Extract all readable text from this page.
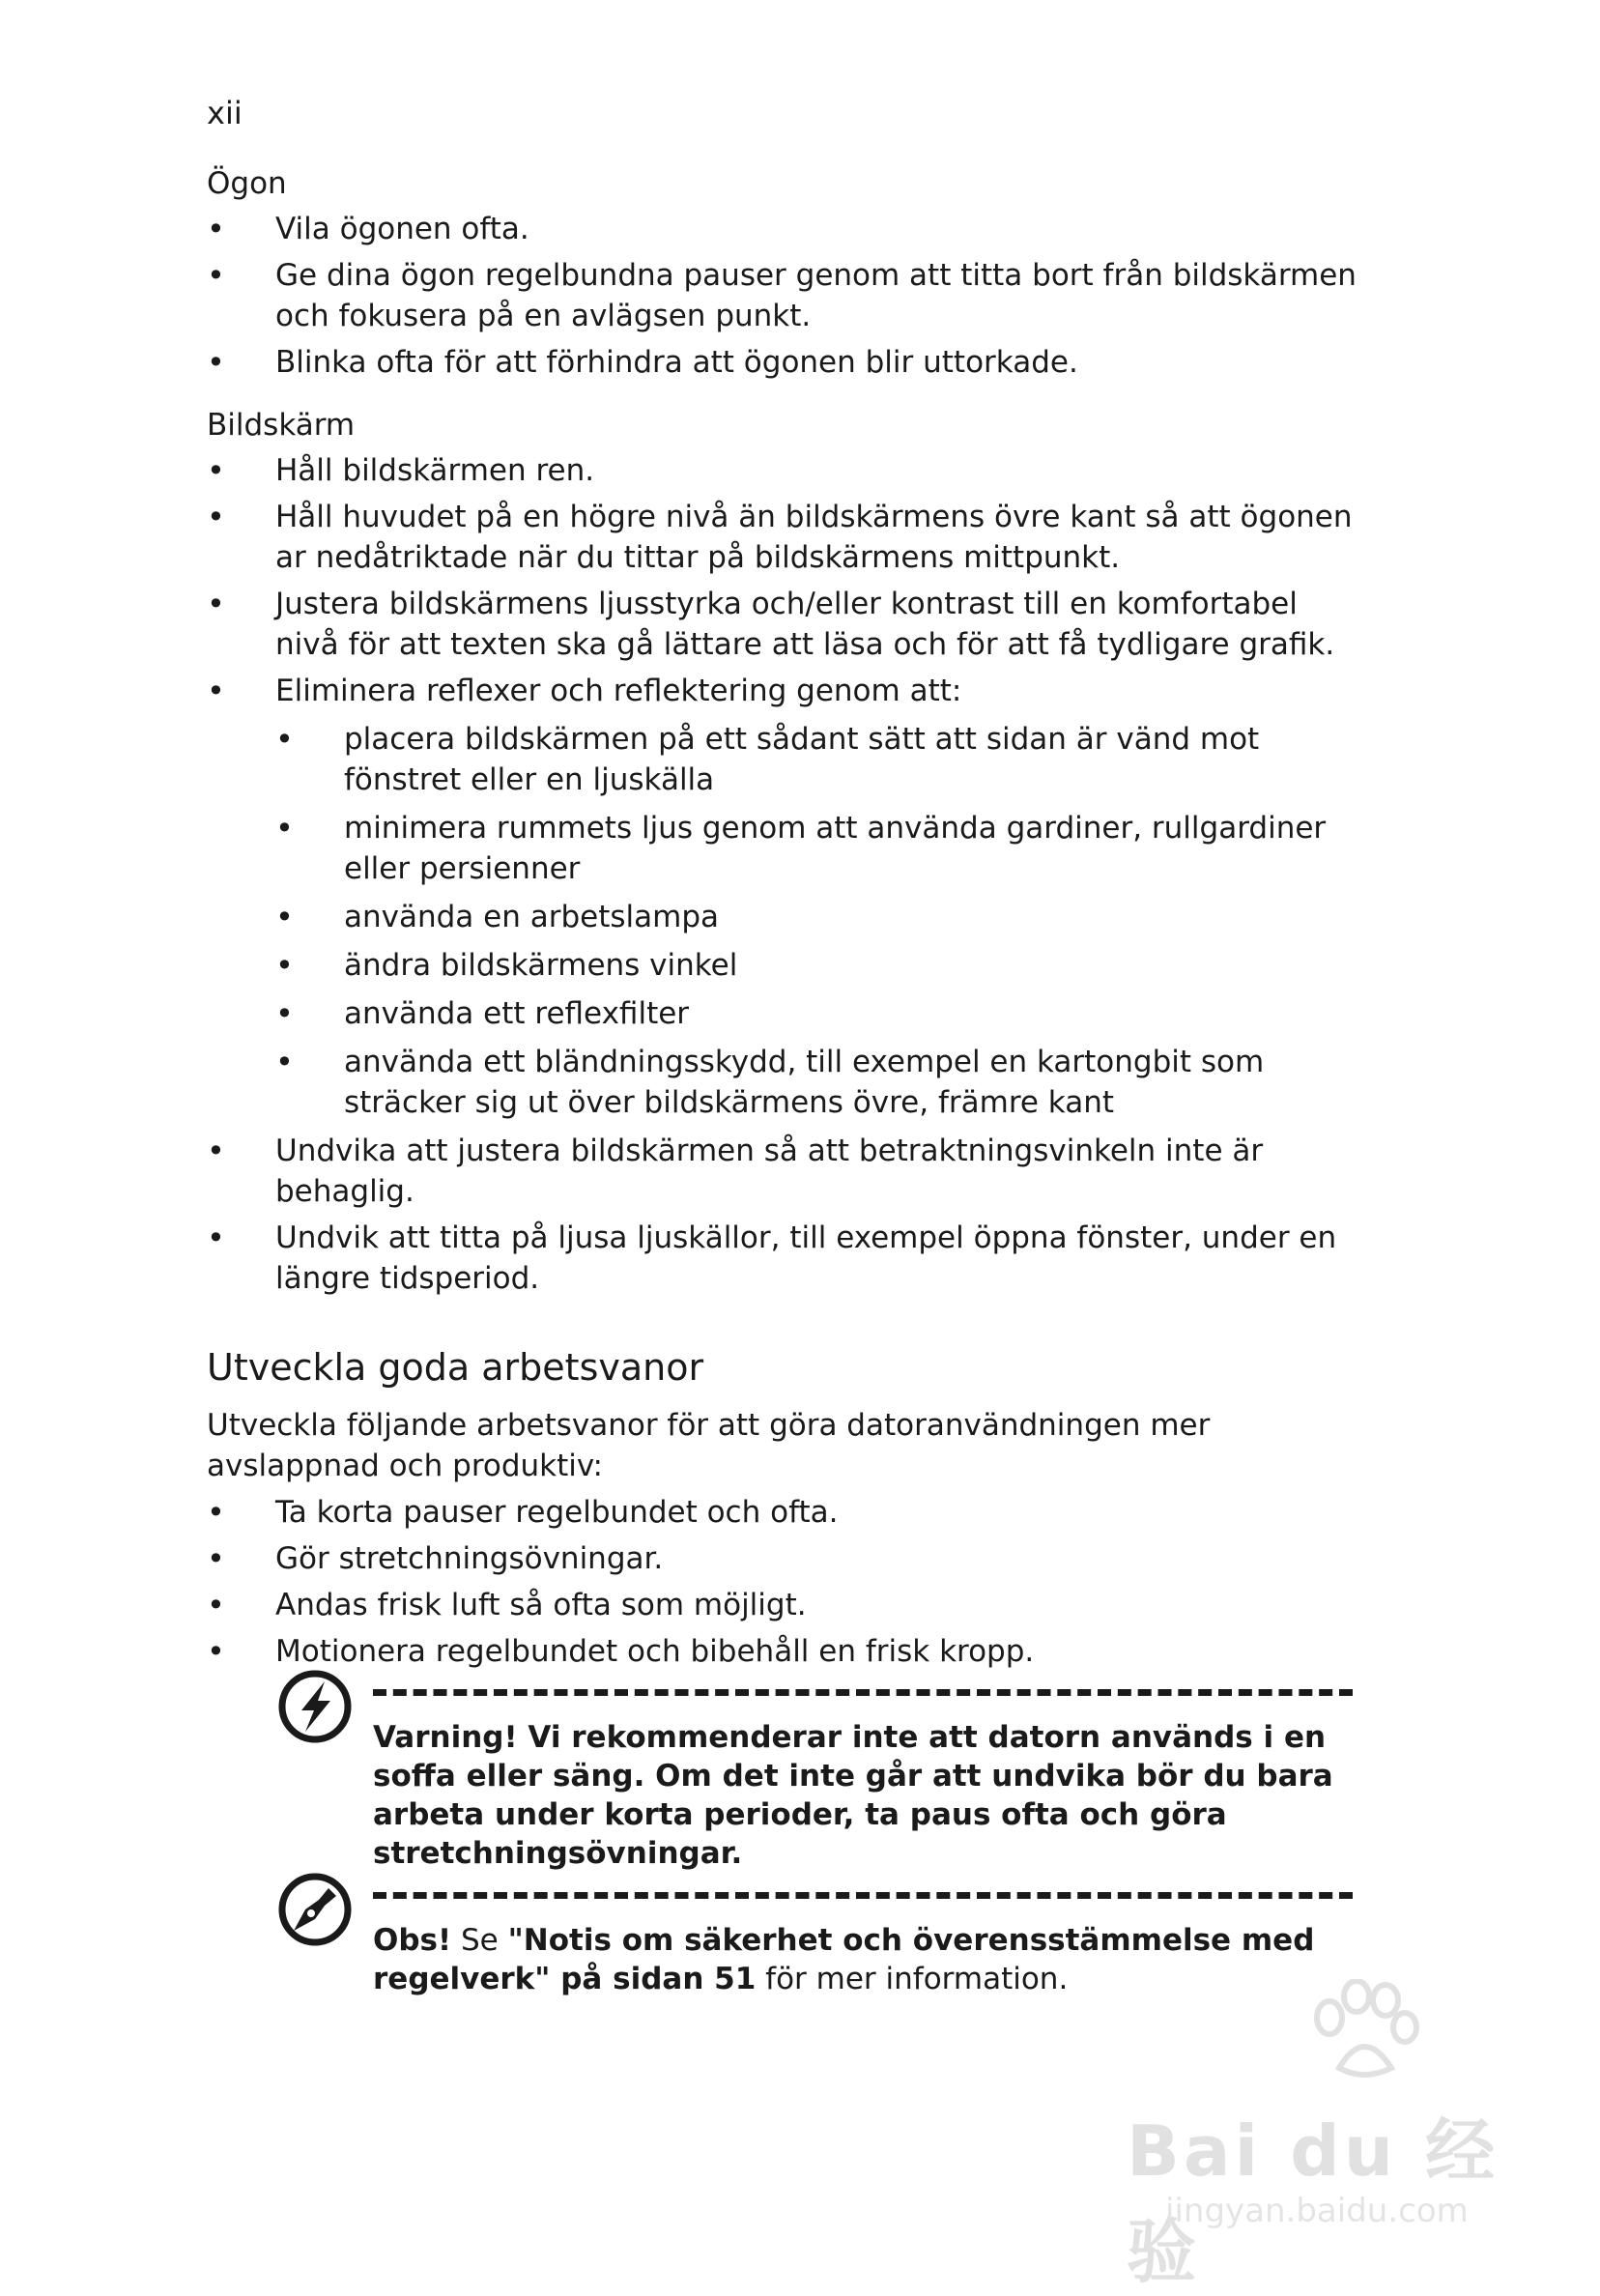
xii
Ögon
• Vila ögonen ofta.
• Ge dina ögon regelbundna pauser genom att titta bort från bildskärmen och fokusera på en avlägsen punkt.
• Blinka ofta för att förhindra att ögonen blir uttorkade.
Bildskärm
• Håll bildskärmen ren.
• Håll huvudet på en högre nivå än bildskärmens övre kant så att ögonen ar nedåtriktade när du tittar på bildskärmens mittpunkt.
• Justera bildskärmens ljusstyrka och/eller kontrast till en komfortabel nivå för att texten ska gå lättare att läsa och för att få tydligare grafik.
• Eliminera reflexer och reflektering genom att:
• placera bildskärmen på ett sådant sätt att sidan är vänd mot fönstret eller en ljuskälla
• minimera rummets ljus genom att använda gardiner, rullgardiner eller persienner
• använda en arbetslampa
• ändra bildskärmens vinkel
• använda ett reflexfilter
• använda ett bländningsskydd, till exempel en kartongbit som sträcker sig ut över bildskärmens övre, främre kant
• Undvika att justera bildskärmen så att betraktningsvinkeln inte är behaglig.
• Undvik att titta på ljusa ljuskällor, till exempel öppna fönster, under en längre tidsperiod.
Utveckla goda arbetsvanor
Utveckla följande arbetsvanor för att göra datoranvändningen mer avslappnad och produktiv:
• Ta korta pauser regelbundet och ofta.
• Gör stretchningsövningar.
• Andas frisk luft så ofta som möjligt.
• Motionera regelbundet och bibehåll en frisk kropp.
Varning! Vi rekommenderar inte att datorn används i en soffa eller säng. Om det inte går att undvika bör du bara arbeta under korta perioder, ta paus ofta och göra stretchningsövningar.
Obs! Se "Notis om säkerhet och överensstämmelse med regelverk" på sidan 51 för mer information.
Bai du 经验
jingyan.baidu.com
